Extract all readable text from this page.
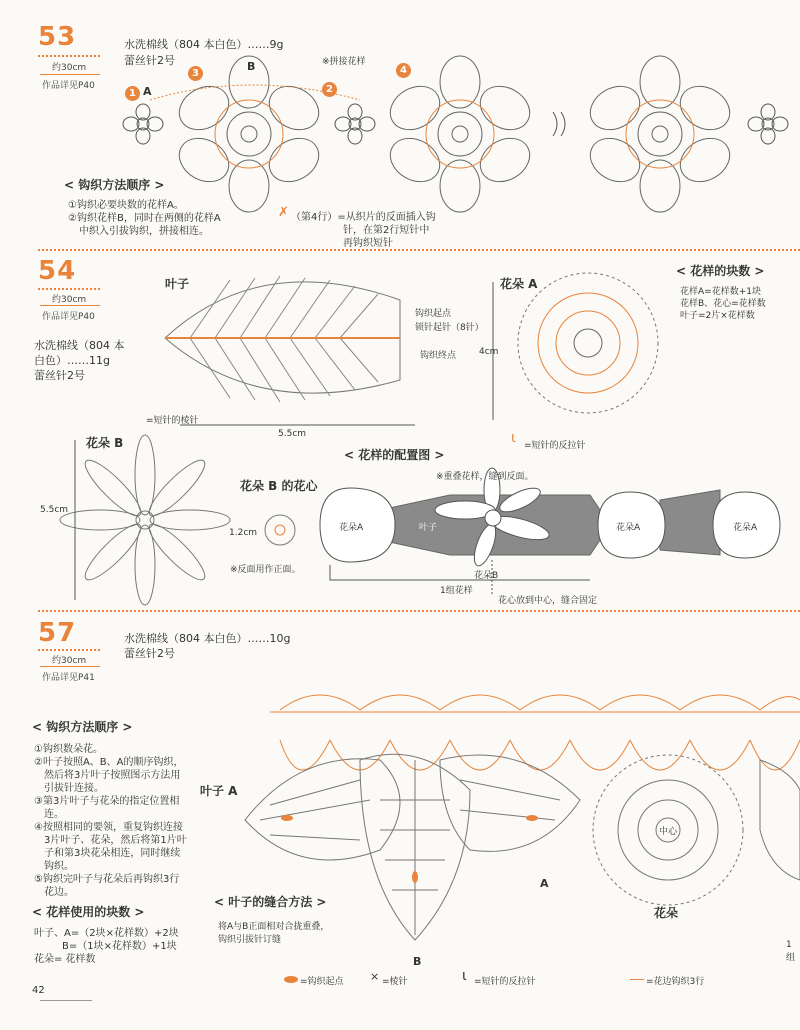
53
约30cm
作品详见P40
水洗棉线（804 本白色）……9g
蕾丝针2号	※拼接花样
1 A
3
B
2
4
< 钩织方法顺序 >
①钩织必要块数的花样A。
②钩织花样B，同时在两侧的花样A
中织入引拔钩织，拼接相连。
✗ （第4行）=从织片的反面插入钩
针，在第2行短针中
再钩织短针
54
约30cm
作品详见P40
水洗棉线（804 本
白色）……11g
蕾丝针2号
叶子
钩织起点
锁针起针（8针）
钩织终点
=短针的棱针
5.5cm
花朵 A
4cm
< 花样的块数 >
花样A=花样数+1块
花样B、花心=花样数
叶子=2片×花样数
ɩ =短针的反拉针
花朵 B
5.5cm
花朵 B 的花心
1.2cm
※反面用作正面。
< 花样的配置图 >
※重叠花样，缝到反面。
花朵A	叶子	花朵A	花朵A
花朵B
1组花样
花心放到中心，缝合固定
57
约30cm
作品详见P41
水洗棉线（804 本白色）……10g
蕾丝针2号
< 钩织方法顺序 >
①钩织数朵花。
②叶子按照A、B、A的顺序钩织，
然后将3片叶子按照图示方法用
引拔针连接。
③第3片叶子与花朵的指定位置相
连。
④按照相同的要领，重复钩织连接
3片叶子、花朵，然后将第1片叶
子和第3块花朵相连，同时继续
钩织。
⑤钩织完叶子与花朵后再钩织3行
花边。
< 花样使用的块数 >
叶子、A=（2块×花样数）+2块
B=（1块×花样数）+1块
花朵= 花样数
叶子 A
< 叶子的缝合方法 >
将A与B正面相对合拢重叠，
钩织引拔针订缝
花朵
中心
A
B
1组
42
=钩织起点 × =棱针	ɩ =短针的反拉针	=花边钩织3行
